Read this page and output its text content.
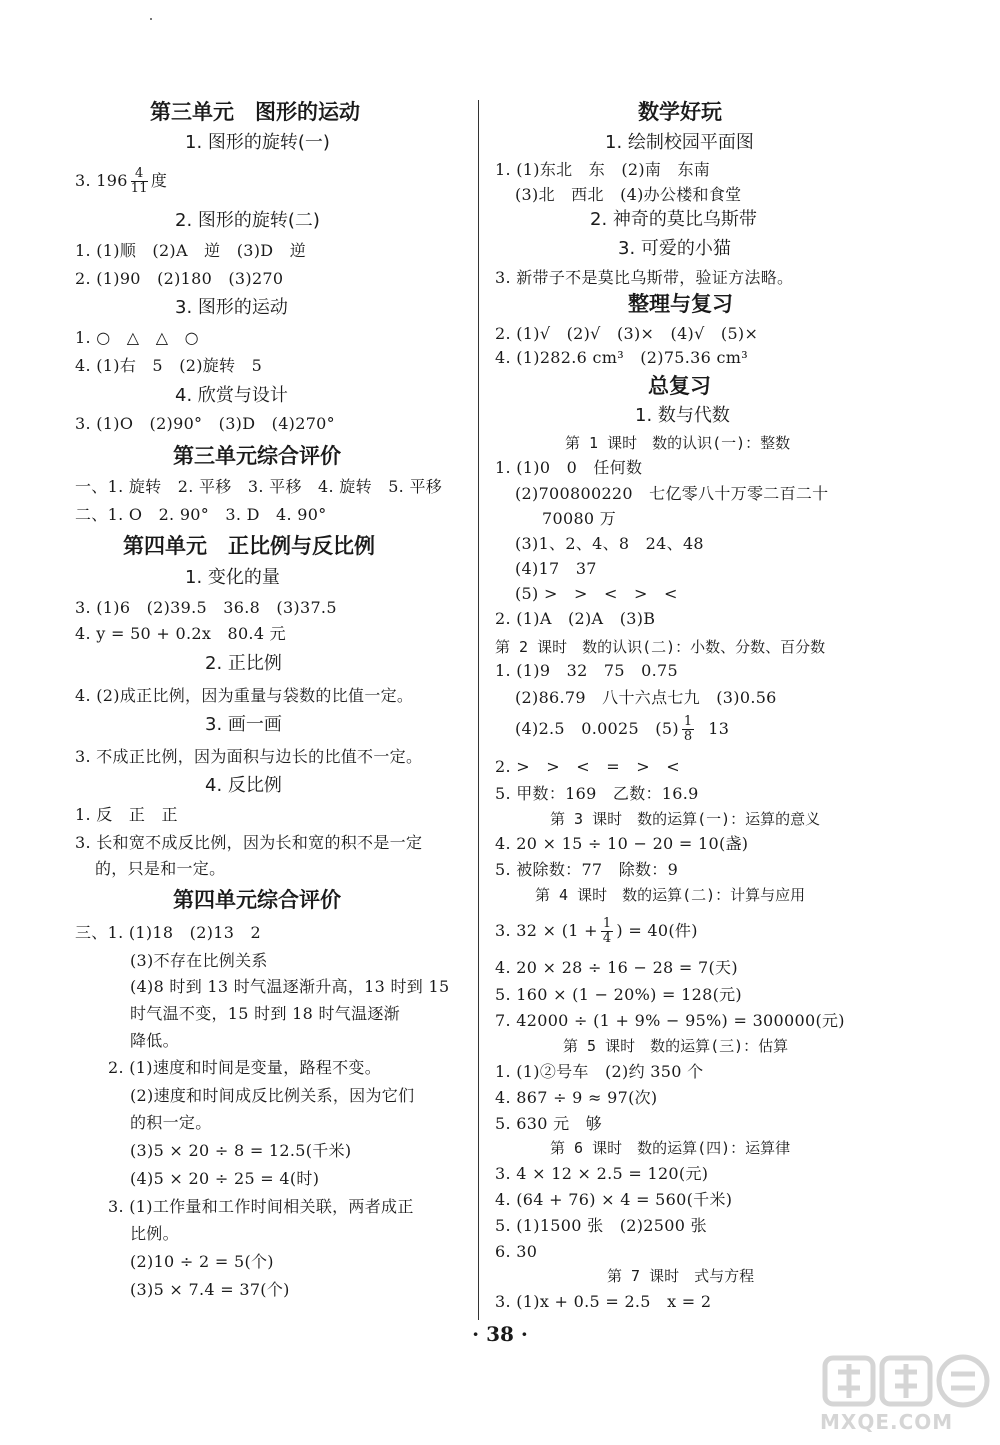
第三单元　图形的运动
1. 图形的旋转(一)
3. $196 \frac{4}{11}$ 度
2. 图形的旋转(二)
1. (1)顺　(2)A　逆　(3)D　逆
2. (1)90　(2)180　(3)270
3. 图形的运动
1. ○　△　△　○
4. (1)右　5　(2)旋转　5
4. 欣赏与设计
3. (1)O　(2)90°　(3)D　(4)270°
第三单元综合评价
一、1. 旋转　2. 平移　3. 平移　4. 旋转　5. 平移
二、1. O　2. 90°　3. D　4. 90°
第四单元　正比例与反比例
1. 变化的量
3. (1)6　(2)39.5　36.8　(3)37.5
4. y = 50 + 0.2x　80.4 元
2. 正比例
4. (2)成正比例，因为重量与袋数的比值一定。
3. 画一画
3. 不成正比例，因为面积与边长的比值不一定。
4. 反比例
1. 反　正　正
3. 长和宽不成反比例，因为长和宽的积不是一定
的，只是和一定。
第四单元综合评价
三、1. (1)18　(2)13　2
(3)不存在比例关系
(4)8 时到 13 时气温逐渐升高，13 时到 15
时气温不变，15 时到 18 时气温逐渐
降低。
2. (1)速度和时间是变量，路程不变。
(2)速度和时间成反比例关系，因为它们
的积一定。
(3)5 × 20 ÷ 8 = 12.5(千米)
(4)5 × 20 ÷ 25 = 4(时)
3. (1)工作量和工作时间相关联，两者成正
比例。
(2)10 ÷ 2 = 5(个)
(3)5 × 7.4 = 37(个)
数学好玩
1. 绘制校园平面图
1. (1)东北　东　(2)南　东南
(3)北　西北　(4)办公楼和食堂
2. 神奇的莫比乌斯带
3. 可爱的小猫
3. 新带子不是莫比乌斯带，验证方法略。
整理与复习
2. (1)√　(2)√　(3)×　(4)√　(5)×
4. (1)282.6 cm³　(2)75.36 cm³
总复习
1. 数与代数
第 1 课时　数的认识(一)：整数
1. (1)0　0　任何数
(2)700800220　七亿零八十万零二百二十
70080 万
(3)1、2、4、8　24、48
(4)17　37
(5) >　>　<　>　<
2. (1)A　(2)A　(3)B
第 2 课时　数的认识(二)：小数、分数、百分数
1. (1)9　32　75　0.75
(2)86.79　八十六点七九　(3)0.56
(4)2.5　0.0025　$(5) \frac{1}{8} 13$
2. >　>　<　=　>　<
5. 甲数：169　乙数：16.9
第 3 课时　数的运算(一)：运算的意义
4. 20 × 15 ÷ 10 − 20 = 10(盏)
5. 被除数：77　除数：9
第 4 课时　数的运算(二)：计算与应用
3. $32 \times (1 + \frac{1}{4}$ ) = 40(件)
4. 20 × 28 ÷ 16 − 28 = 7(天)
5. 160 × (1 − 20%) = 128(元)
7. 42000 ÷ (1 + 9% − 95%) = 300000(元)
第 5 课时　数的运算(三)：估算
1. (1)②号车　(2)约 350 个
4. 867 ÷ 9 ≈ 97(次)
5. 630 元　够
第 6 课时　数的运算(四)：运算律
3. 4 × 12 × 2.5 = 120(元)
4. (64 + 76) × 4 = 560(千米)
5. (1)1500 张　(2)2500 张
6. 30
第 7 课时　式与方程
3. (1)x + 0.5 = 2.5　x = 2
· 38 ·
MXQE.COM
